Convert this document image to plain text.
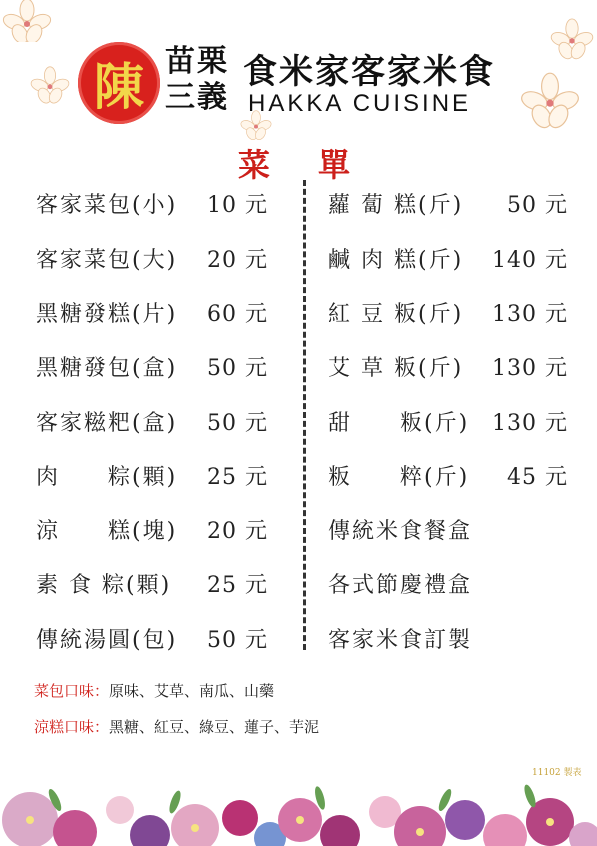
陳 苗栗
三義
食米家客家米食
HAKKA CUISINE
菜單
客家菜包(小) 10 元
客家菜包(大) 20 元
黑糖發糕(片) 60 元
黑糖發包(盒) 50 元
客家糍粑(盒) 50 元
肉　　粽(顆) 25 元
涼　　糕(塊) 20 元
素 食 粽(顆) 25 元
傳統湯圓(包) 50 元
蘿 蔔 糕(斤) 50 元
鹹 肉 糕(斤) 140 元
紅 豆 粄(斤) 130 元
艾 草 粄(斤) 130 元
甜　　粄(斤) 130 元
粄　　粹(斤) 45 元
傳統米食餐盒
各式節慶禮盒
客家米食訂製
菜包口味：原味、艾草、南瓜、山藥
涼糕口味：黑糖、紅豆、綠豆、蓮子、芋泥
11102 製表
